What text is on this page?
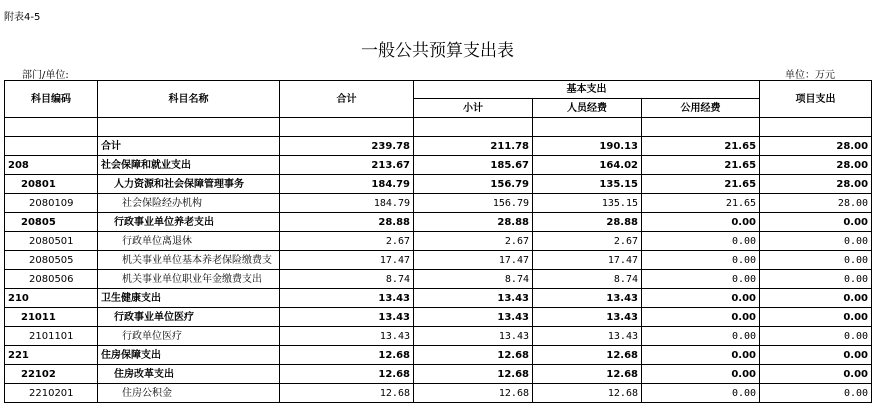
附表4-5
一般公共预算支出表
部门/单位:	单位：万元
科目编码	科目名称	合计	基本支出			项目支出
			小计	人员经费	公用经费	

	合计	239.78	211.78	190.13	21.65	28.00
208	社会保障和就业支出	213.67	185.67	164.02	21.65	28.00
20801	人力资源和社会保障管理事务	184.79	156.79	135.15	21.65	28.00
2080109	社会保险经办机构	184.79	156.79	135.15	21.65	28.00
20805	行政事业单位养老支出	28.88	28.88	28.88	0.00	0.00
2080501	行政单位离退休	2.67	2.67	2.67	0.00	0.00
2080505	机关事业单位基本养老保险缴费支	17.47	17.47	17.47	0.00	0.00
2080506	机关事业单位职业年金缴费支出	8.74	8.74	8.74	0.00	0.00
210	卫生健康支出	13.43	13.43	13.43	0.00	0.00
21011	行政事业单位医疗	13.43	13.43	13.43	0.00	0.00
2101101	行政单位医疗	13.43	13.43	13.43	0.00	0.00
221	住房保障支出	12.68	12.68	12.68	0.00	0.00
22102	住房改革支出	12.68	12.68	12.68	0.00	0.00
2210201	住房公积金	12.68	12.68	12.68	0.00	0.00
